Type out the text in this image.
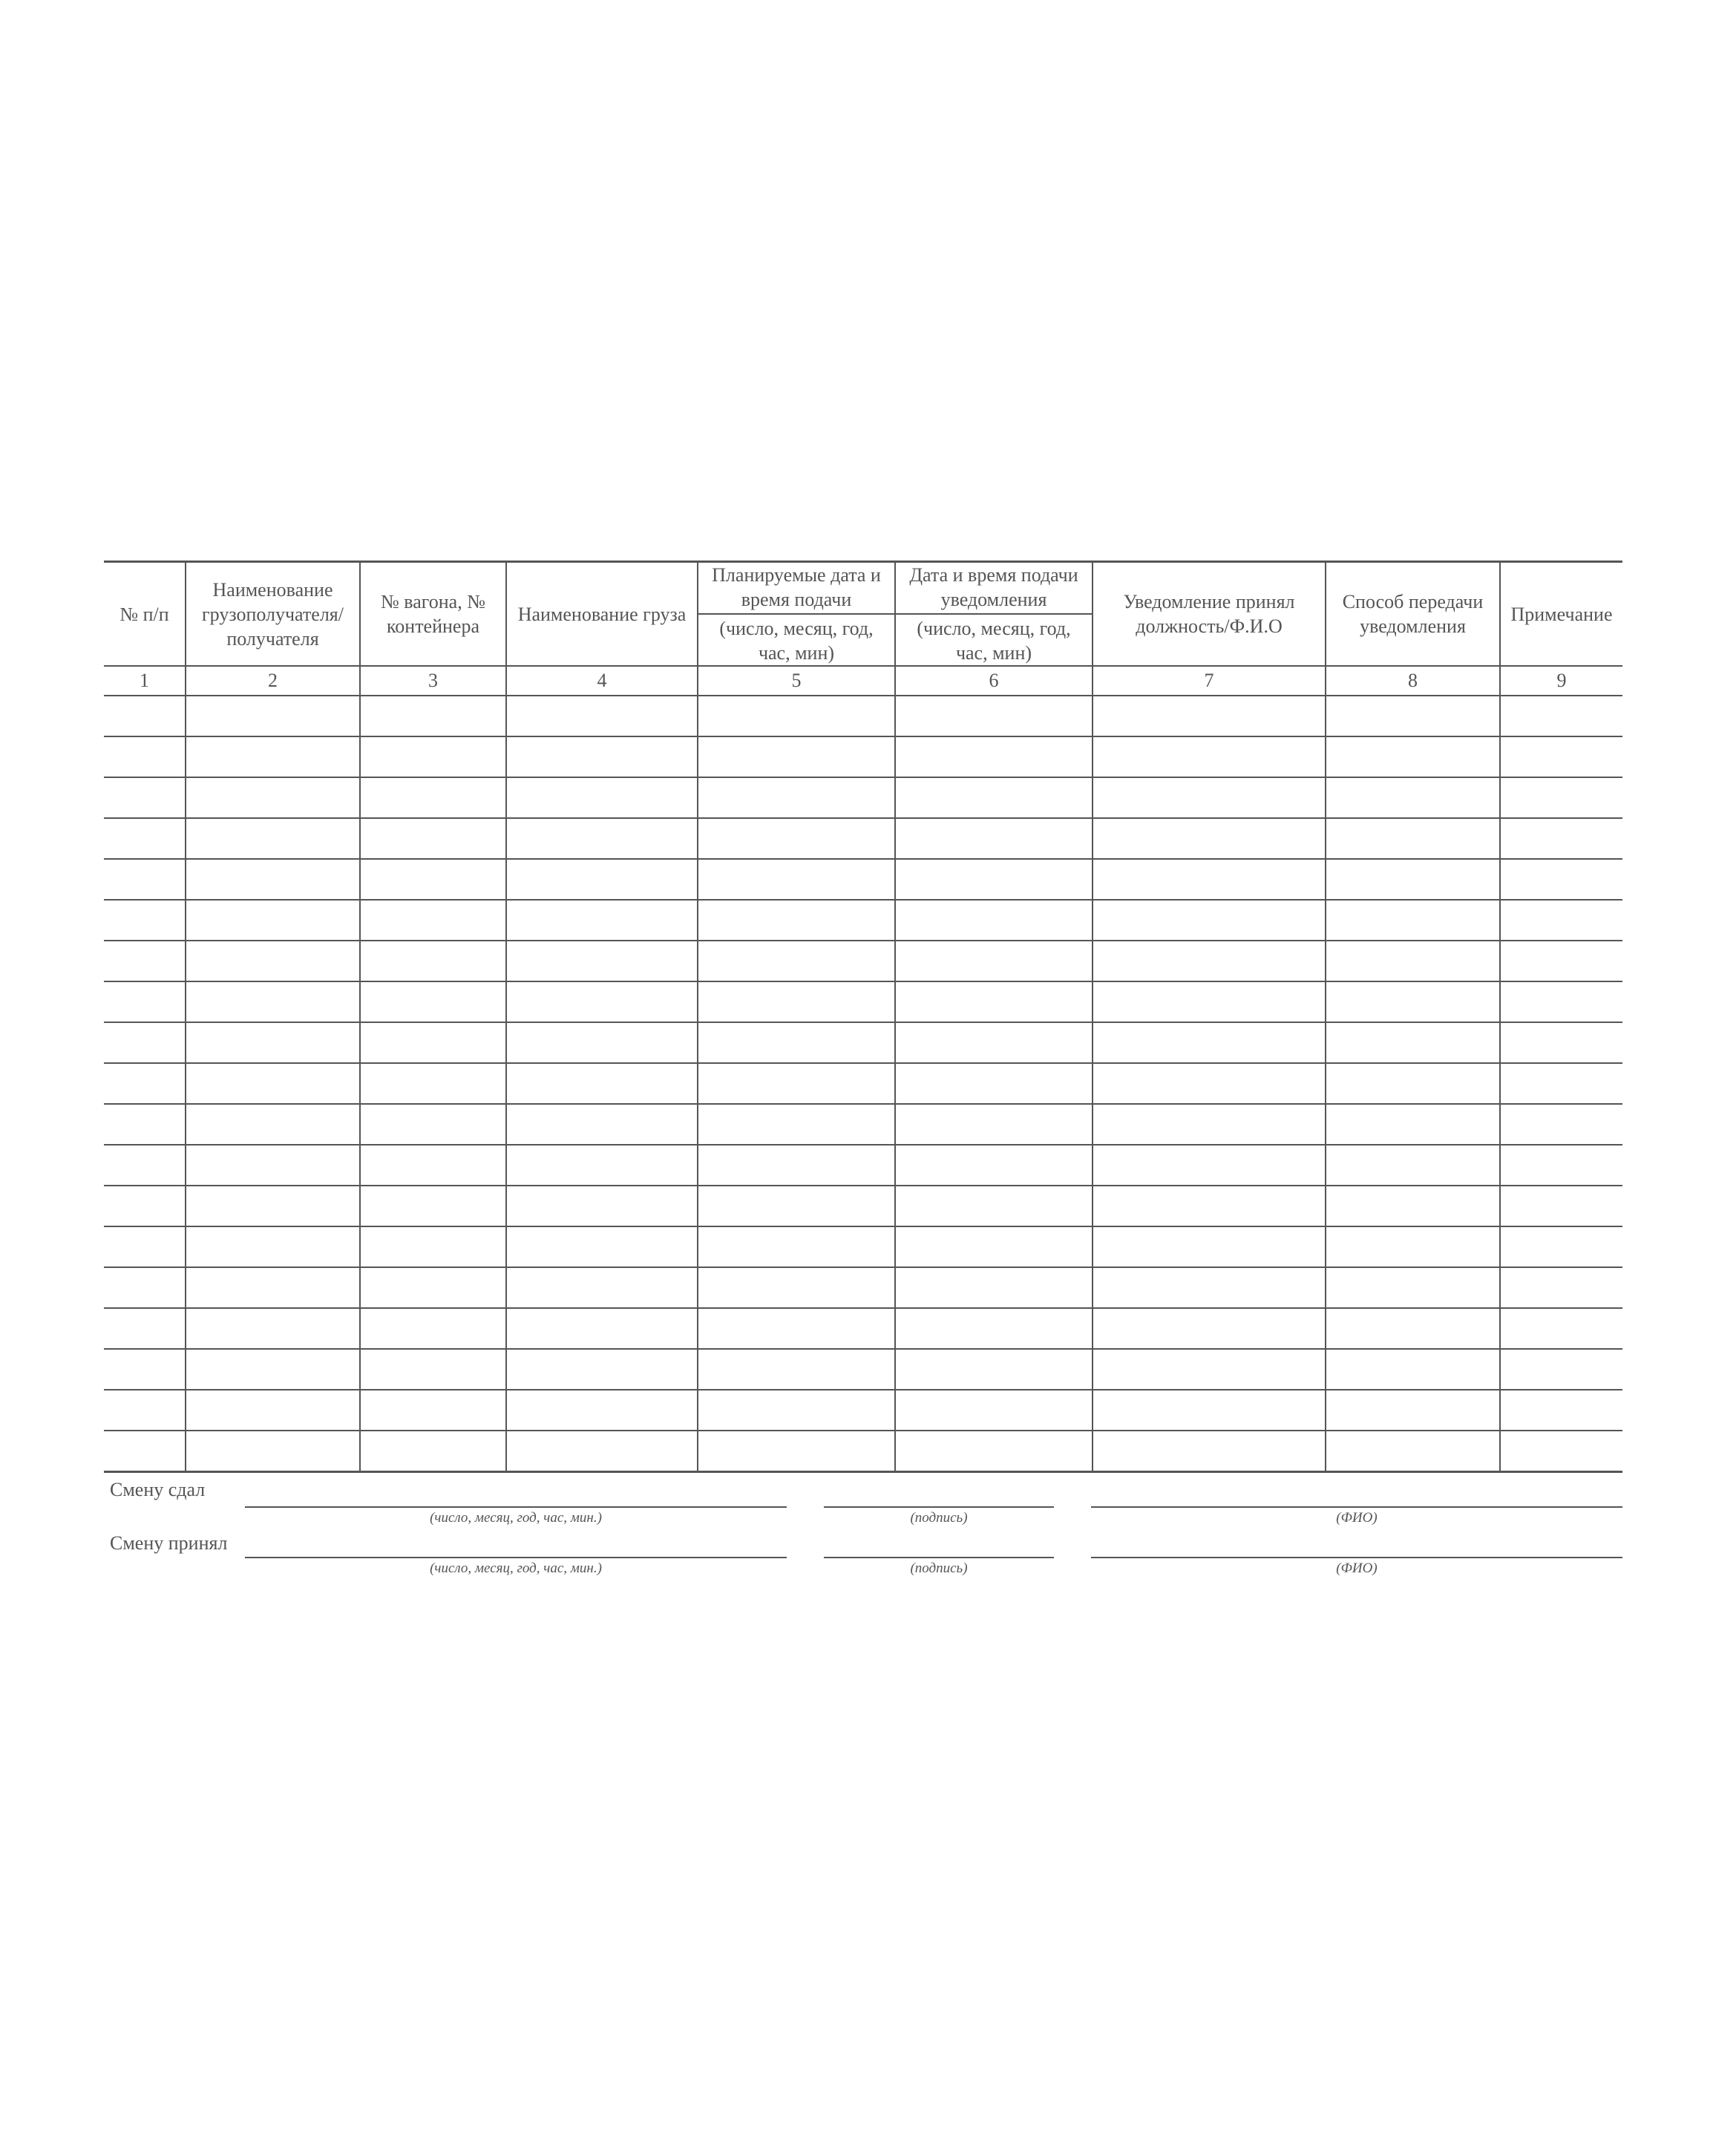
№ п/п	Наименование грузополучателя/ получателя	№ вагона, № контейнера	Наименование груза	Планируемые дата и время подачи	Дата и время подачи уведомления	Уведомление принял должность/Ф.И.О	Способ передачи уведомления	Примечание
				(число, месяц, год, час, мин)	(число, месяц, год, час, мин)			
1	2	3	4	5	6	7	8	9

Смену сдал
(число, месяц, год, час, мин.)	(подпись)	(ФИО)
Смену принял
(число, месяц, год, час, мин.)	(подпись)	(ФИО)
